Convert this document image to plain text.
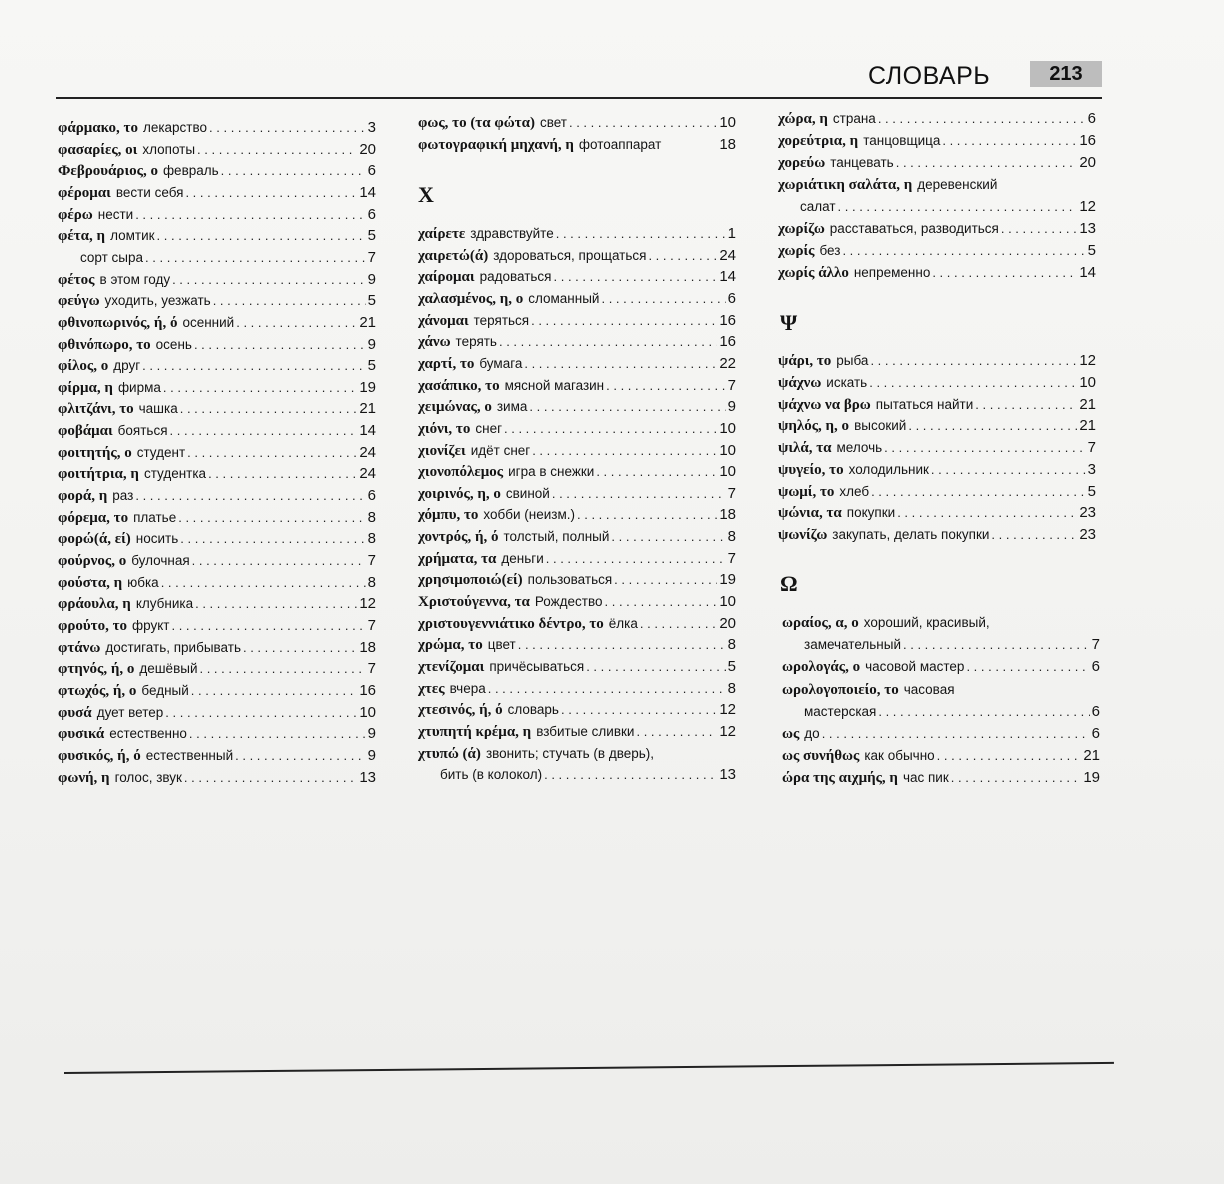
СЛОВАРЬ	213
φάρμακο, το лекарство . . .	3
φασαρίες, οι хлопоты . . .	20
Φεβρουάριος, ο февраль . . .	6
φέρομαι вести себя . . .	14
φέρω нести . . .	6
φέτα, η ломтик . . .	5
сорт сыра . . .	7
φέτος в этом году . . .	9
φεύγω уходить, уезжать . . .	5
φθινοπωρινός, ή, ό осенний . . .	21
φθινόπωρο, το осень . . .	9
φίλος, ο друг . . .	5
φίρμα, η фирма . . .	19
φλιτζάνι, το чашка . . .	21
φοβάμαι бояться . . .	14
φοιτητής, ο студент . . .	24
φοιτήτρια, η студентка . . .	24
φορά, η раз . . .	6
φόρεμα, το платье . . .	8
φορώ(ά, εί) носить . . .	8
φούρνος, ο булочная . . .	7
φούστα, η юбка . . .	8
φράουλα, η клубника . . .	12
φρούτο, το фрукт . . .	7
φτάνω достигать, прибывать . . .	18
φτηνός, ή, ο дешёвый . . .	7
φτωχός, ή, ο бедный . . .	16
φυσά дует ветер . . .	10
φυσικά естественно . . .	9
φυσικός, ή, ό естественный . . .	9
φωνή, η голос, звук . . .	13
φως, το (τα φώτα) свет . . .	10
φωτογραφική μηχανή, η фотоаппарат	18
χαίρετε здравствуйте . . .	1
χαιρετώ(ά) здороваться, прощаться . . .	24
χαίρομαι радоваться . . .	14
χαλασμένος, η, ο сломанный . . .	6
χάνομαι теряться . . .	16
χάνω терять . . .	16
χαρτί, το бумага . . .	22
χασάπικο, το мясной магазин . . .	7
χειμώνας, ο зима . . .	9
χιόνι, το снег . . .	10
χιονίζει идёт снег . . .	10
χιονοπόλεμος игра в снежки . . .	10
χοιρινός, η, ο свиной . . .	7
χόμπυ, το хобби (неизм.) . . .	18
χοντρός, ή, ό толстый, полный . . .	8
χρήματα, τα деньги . . .	7
χρησιμοποιώ(εί) пользоваться . . .	19
Χριστούγεννα, τα Рождество . . .	10
χριστουγεννιάτικο δέντρο, το ёлка . . .	20
χρώμα, το цвет . . .	8
χτενίζομαι причёсываться . . .	5
χτες вчера . . .	8
χτεσινός, ή, ό словарь . . .	12
χτυπητή κρέμα, η взбитые сливки . . .	12
χτυπώ (ά) звонить; стучать (в дверь),
бить (в колокол) . . .	13
χώρα, η страна . . .	6
χορεύτρια, η танцовщица . . .	16
χορεύω танцевать . . .	20
χωριάτικη σαλάτα, η деревенский
салат . . .	12
χωρίζω расставаться, разводиться . . .	13
χωρίς без . . .	5
χωρίς άλλο непременно . . .	14
ψάρι, το рыба . . .	12
ψάχνω искать . . .	10
ψάχνω να βρω пытаться найти . . .	21
ψηλός, η, ο высокий . . .	21
ψιλά, τα мелочь . . .	7
ψυγείο, το холодильник . . .	3
ψωμί, το хлеб . . .	5
ψώνια, τα покупки . . .	23
ψωνίζω закупать, делать покупки . . .	23
ωραίος, α, ο хороший, красивый,
замечательный . . .	7
ωρολογάς, ο часовой мастер . . .	6
ωρολογοποιείο, το часовая
мастерская . . .	6
ως до . . .	6
ως συνήθως как обычно . . .	21
ώρα της αιχμής, η час пик . . .	19
X
Ψ
Ω
